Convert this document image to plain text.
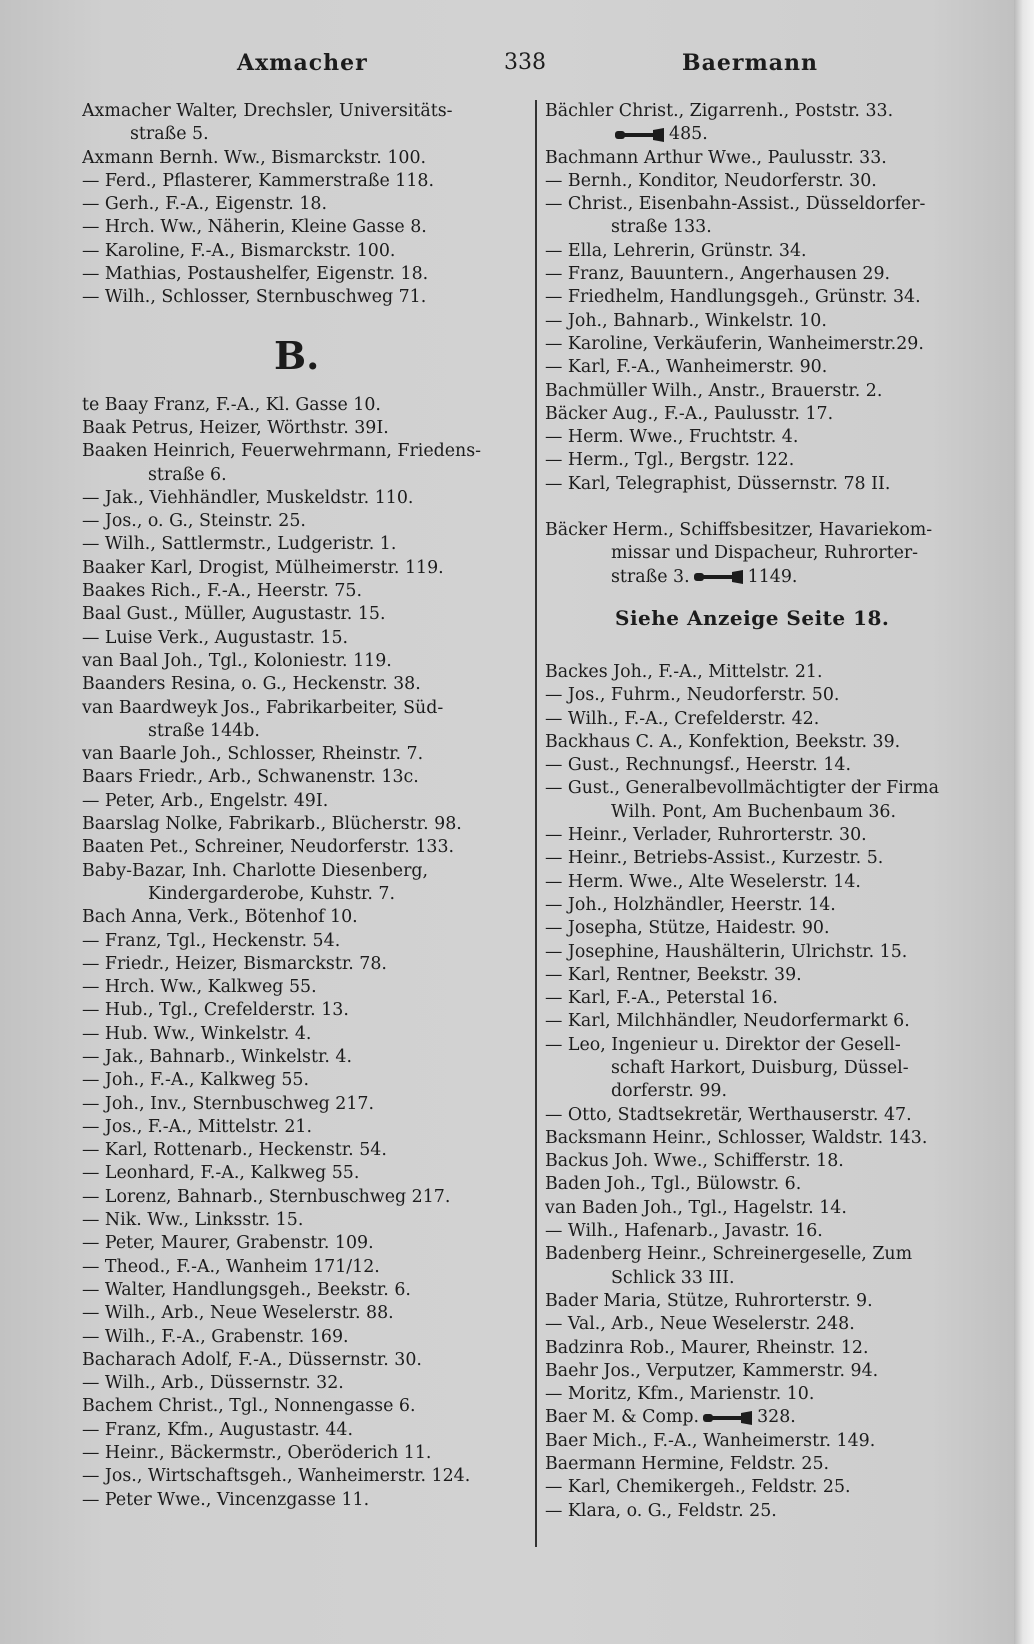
Axmacher	338	Baermann
Axmacher Walter, Drechsler, Universitäts-
straße 5.
Axmann Bernh. Ww., Bismarckstr. 100.
— Ferd., Pflasterer, Kammerstraße 118.
— Gerh., F.-A., Eigenstr. 18.
— Hrch. Ww., Näherin, Kleine Gasse 8.
— Karoline, F.-A., Bismarckstr. 100.
— Mathias, Postaushelfer, Eigenstr. 18.
— Wilh., Schlosser, Sternbuschweg 71.
B.
te Baay Franz, F.-A., Kl. Gasse 10.
Baak Petrus, Heizer, Wörthstr. 39I.
Baaken Heinrich, Feuerwehrmann, Friedens-
straße 6.
— Jak., Viehhändler, Muskeldstr. 110.
— Jos., o. G., Steinstr. 25.
— Wilh., Sattlermstr., Ludgeristr. 1.
Baaker Karl, Drogist, Mülheimerstr. 119.
Baakes Rich., F.-A., Heerstr. 75.
Baal Gust., Müller, Augustastr. 15.
— Luise Verk., Augustastr. 15.
van Baal Joh., Tgl., Koloniestr. 119.
Baanders Resina, o. G., Heckenstr. 38.
van Baardweyk Jos., Fabrikarbeiter, Süd-
straße 144b.
van Baarle Joh., Schlosser, Rheinstr. 7.
Baars Friedr., Arb., Schwanenstr. 13c.
— Peter, Arb., Engelstr. 49I.
Baarslag Nolke, Fabrikarb., Blücherstr. 98.
Baaten Pet., Schreiner, Neudorferstr. 133.
Baby-Bazar, Inh. Charlotte Diesenberg,
Kindergarderobe, Kuhstr. 7.
Bach Anna, Verk., Bötenhof 10.
— Franz, Tgl., Heckenstr. 54.
— Friedr., Heizer, Bismarckstr. 78.
— Hrch. Ww., Kalkweg 55.
— Hub., Tgl., Crefelderstr. 13.
— Hub. Ww., Winkelstr. 4.
— Jak., Bahnarb., Winkelstr. 4.
— Joh., F.-A., Kalkweg 55.
— Joh., Inv., Sternbuschweg 217.
— Jos., F.-A., Mittelstr. 21.
— Karl, Rottenarb., Heckenstr. 54.
— Leonhard, F.-A., Kalkweg 55.
— Lorenz, Bahnarb., Sternbuschweg 217.
— Nik. Ww., Linksstr. 15.
— Peter, Maurer, Grabenstr. 109.
— Theod., F.-A., Wanheim 171/12.
— Walter, Handlungsgeh., Beekstr. 6.
— Wilh., Arb., Neue Weselerstr. 88.
— Wilh., F.-A., Grabenstr. 169.
Bacharach Adolf, F.-A., Düssernstr. 30.
— Wilh., Arb., Düssernstr. 32.
Bachem Christ., Tgl., Nonnengasse 6.
— Franz, Kfm., Augustastr. 44.
— Heinr., Bäckermstr., Oberöderich 11.
— Jos., Wirtschaftsgeh., Wanheimerstr. 124.
— Peter Wwe., Vincenzgasse 11.
Bächler Christ., Zigarrenh., Poststr. 33.
485.
Bachmann Arthur Wwe., Paulusstr. 33.
— Bernh., Konditor, Neudorferstr. 30.
— Christ., Eisenbahn-Assist., Düsseldorfer-
straße 133.
— Ella, Lehrerin, Grünstr. 34.
— Franz, Bauuntern., Angerhausen 29.
— Friedhelm, Handlungsgeh., Grünstr. 34.
— Joh., Bahnarb., Winkelstr. 10.
— Karoline, Verkäuferin, Wanheimerstr.29.
— Karl, F.-A., Wanheimerstr. 90.
Bachmüller Wilh., Anstr., Brauerstr. 2.
Bäcker Aug., F.-A., Paulusstr. 17.
— Herm. Wwe., Fruchtstr. 4.
— Herm., Tgl., Bergstr. 122.
— Karl, Telegraphist, Düssernstr. 78 II.
Bäcker Herm., Schiffsbesitzer, Havariekom-
missar und Dispacheur, Ruhrorter-
straße 3.	1149.
Siehe Anzeige Seite 18.
Backes Joh., F.-A., Mittelstr. 21.
— Jos., Fuhrm., Neudorferstr. 50.
— Wilh., F.-A., Crefelderstr. 42.
Backhaus C. A., Konfektion, Beekstr. 39.
— Gust., Rechnungsf., Heerstr. 14.
— Gust., Generalbevollmächtigter der Firma
Wilh. Pont, Am Buchenbaum 36.
— Heinr., Verlader, Ruhrorterstr. 30.
— Heinr., Betriebs-Assist., Kurzestr. 5.
— Herm. Wwe., Alte Weselerstr. 14.
— Joh., Holzhändler, Heerstr. 14.
— Josepha, Stütze, Haidestr. 90.
— Josephine, Haushälterin, Ulrichstr. 15.
— Karl, Rentner, Beekstr. 39.
— Karl, F.-A., Peterstal 16.
— Karl, Milchhändler, Neudorfermarkt 6.
— Leo, Ingenieur u. Direktor der Gesell-
schaft Harkort, Duisburg, Düssel-
dorferstr. 99.
— Otto, Stadtsekretär, Werthauserstr. 47.
Backsmann Heinr., Schlosser, Waldstr. 143.
Backus Joh. Wwe., Schifferstr. 18.
Baden Joh., Tgl., Bülowstr. 6.
van Baden Joh., Tgl., Hagelstr. 14.
— Wilh., Hafenarb., Javastr. 16.
Badenberg Heinr., Schreinergeselle, Zum
Schlick 33 III.
Bader Maria, Stütze, Ruhrorterstr. 9.
— Val., Arb., Neue Weselerstr. 248.
Badzinra Rob., Maurer, Rheinstr. 12.
Baehr Jos., Verputzer, Kammerstr. 94.
— Moritz, Kfm., Marienstr. 10.
Baer M. & Comp.	328.
Baer Mich., F.-A., Wanheimerstr. 149.
Baermann Hermine, Feldstr. 25.
— Karl, Chemikergeh., Feldstr. 25.
— Klara, o. G., Feldstr. 25.
